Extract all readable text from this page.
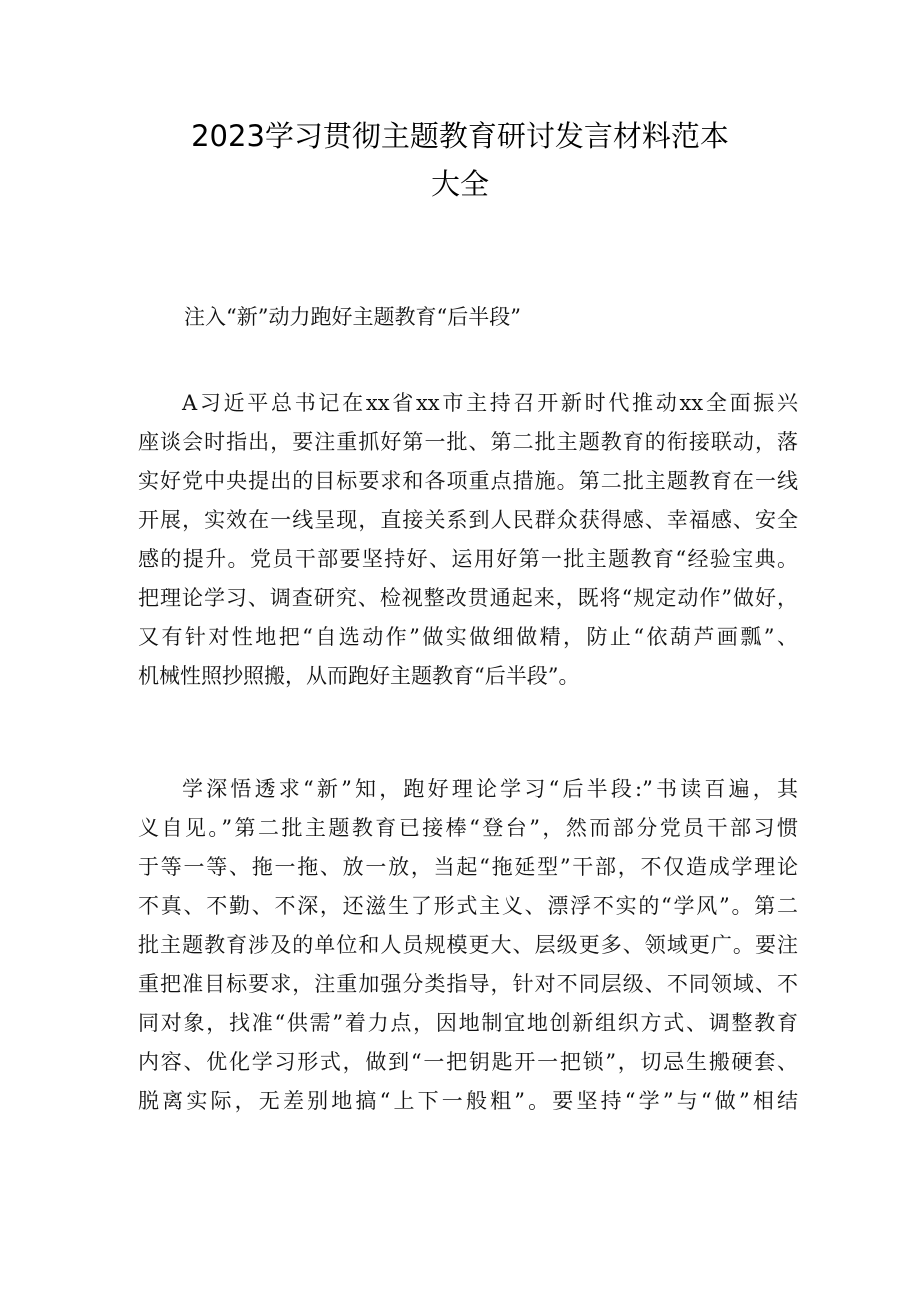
2023学习贯彻主题教育研讨发言材料范本
大全

注入“新”动力跑好主题教育“后半段”

A习近平总书记在xx省xx市主持召开新时代推动xx全面振兴
座谈会时指出，要注重抓好第一批、第二批主题教育的衔接联动，落
实好党中央提出的目标要求和各项重点措施。第二批主题教育在一线
开展，实效在一线呈现，直接关系到人民群众获得感、幸福感、安全
感的提升。党员干部要坚持好、运用好第一批主题教育“经验宝典。
把理论学习、调查研究、检视整改贯通起来，既将“规定动作”做好，
又有针对性地把“自选动作”做实做细做精，防止“依葫芦画瓢”、
机械性照抄照搬，从而跑好主题教育“后半段”。
学深悟透求“新”知，跑好理论学习“后半段:”书读百遍，其
义自见。”第二批主题教育已接棒“登台”，然而部分党员干部习惯
于等一等、拖一拖、放一放，当起“拖延型”干部，不仅造成学理论
不真、不勤、不深，还滋生了形式主义、漂浮不实的“学风”。第二
批主题教育涉及的单位和人员规模更大、层级更多、领域更广。要注
重把准目标要求，注重加强分类指导，针对不同层级、不同领域、不
同对象，找准“供需”着力点，因地制宜地创新组织方式、调整教育
内容、优化学习形式，做到“一把钥匙开一把锁”，切忌生搬硬套、
脱离实际，无差别地搞“上下一般粗”。要坚持“学”与“做”相结
